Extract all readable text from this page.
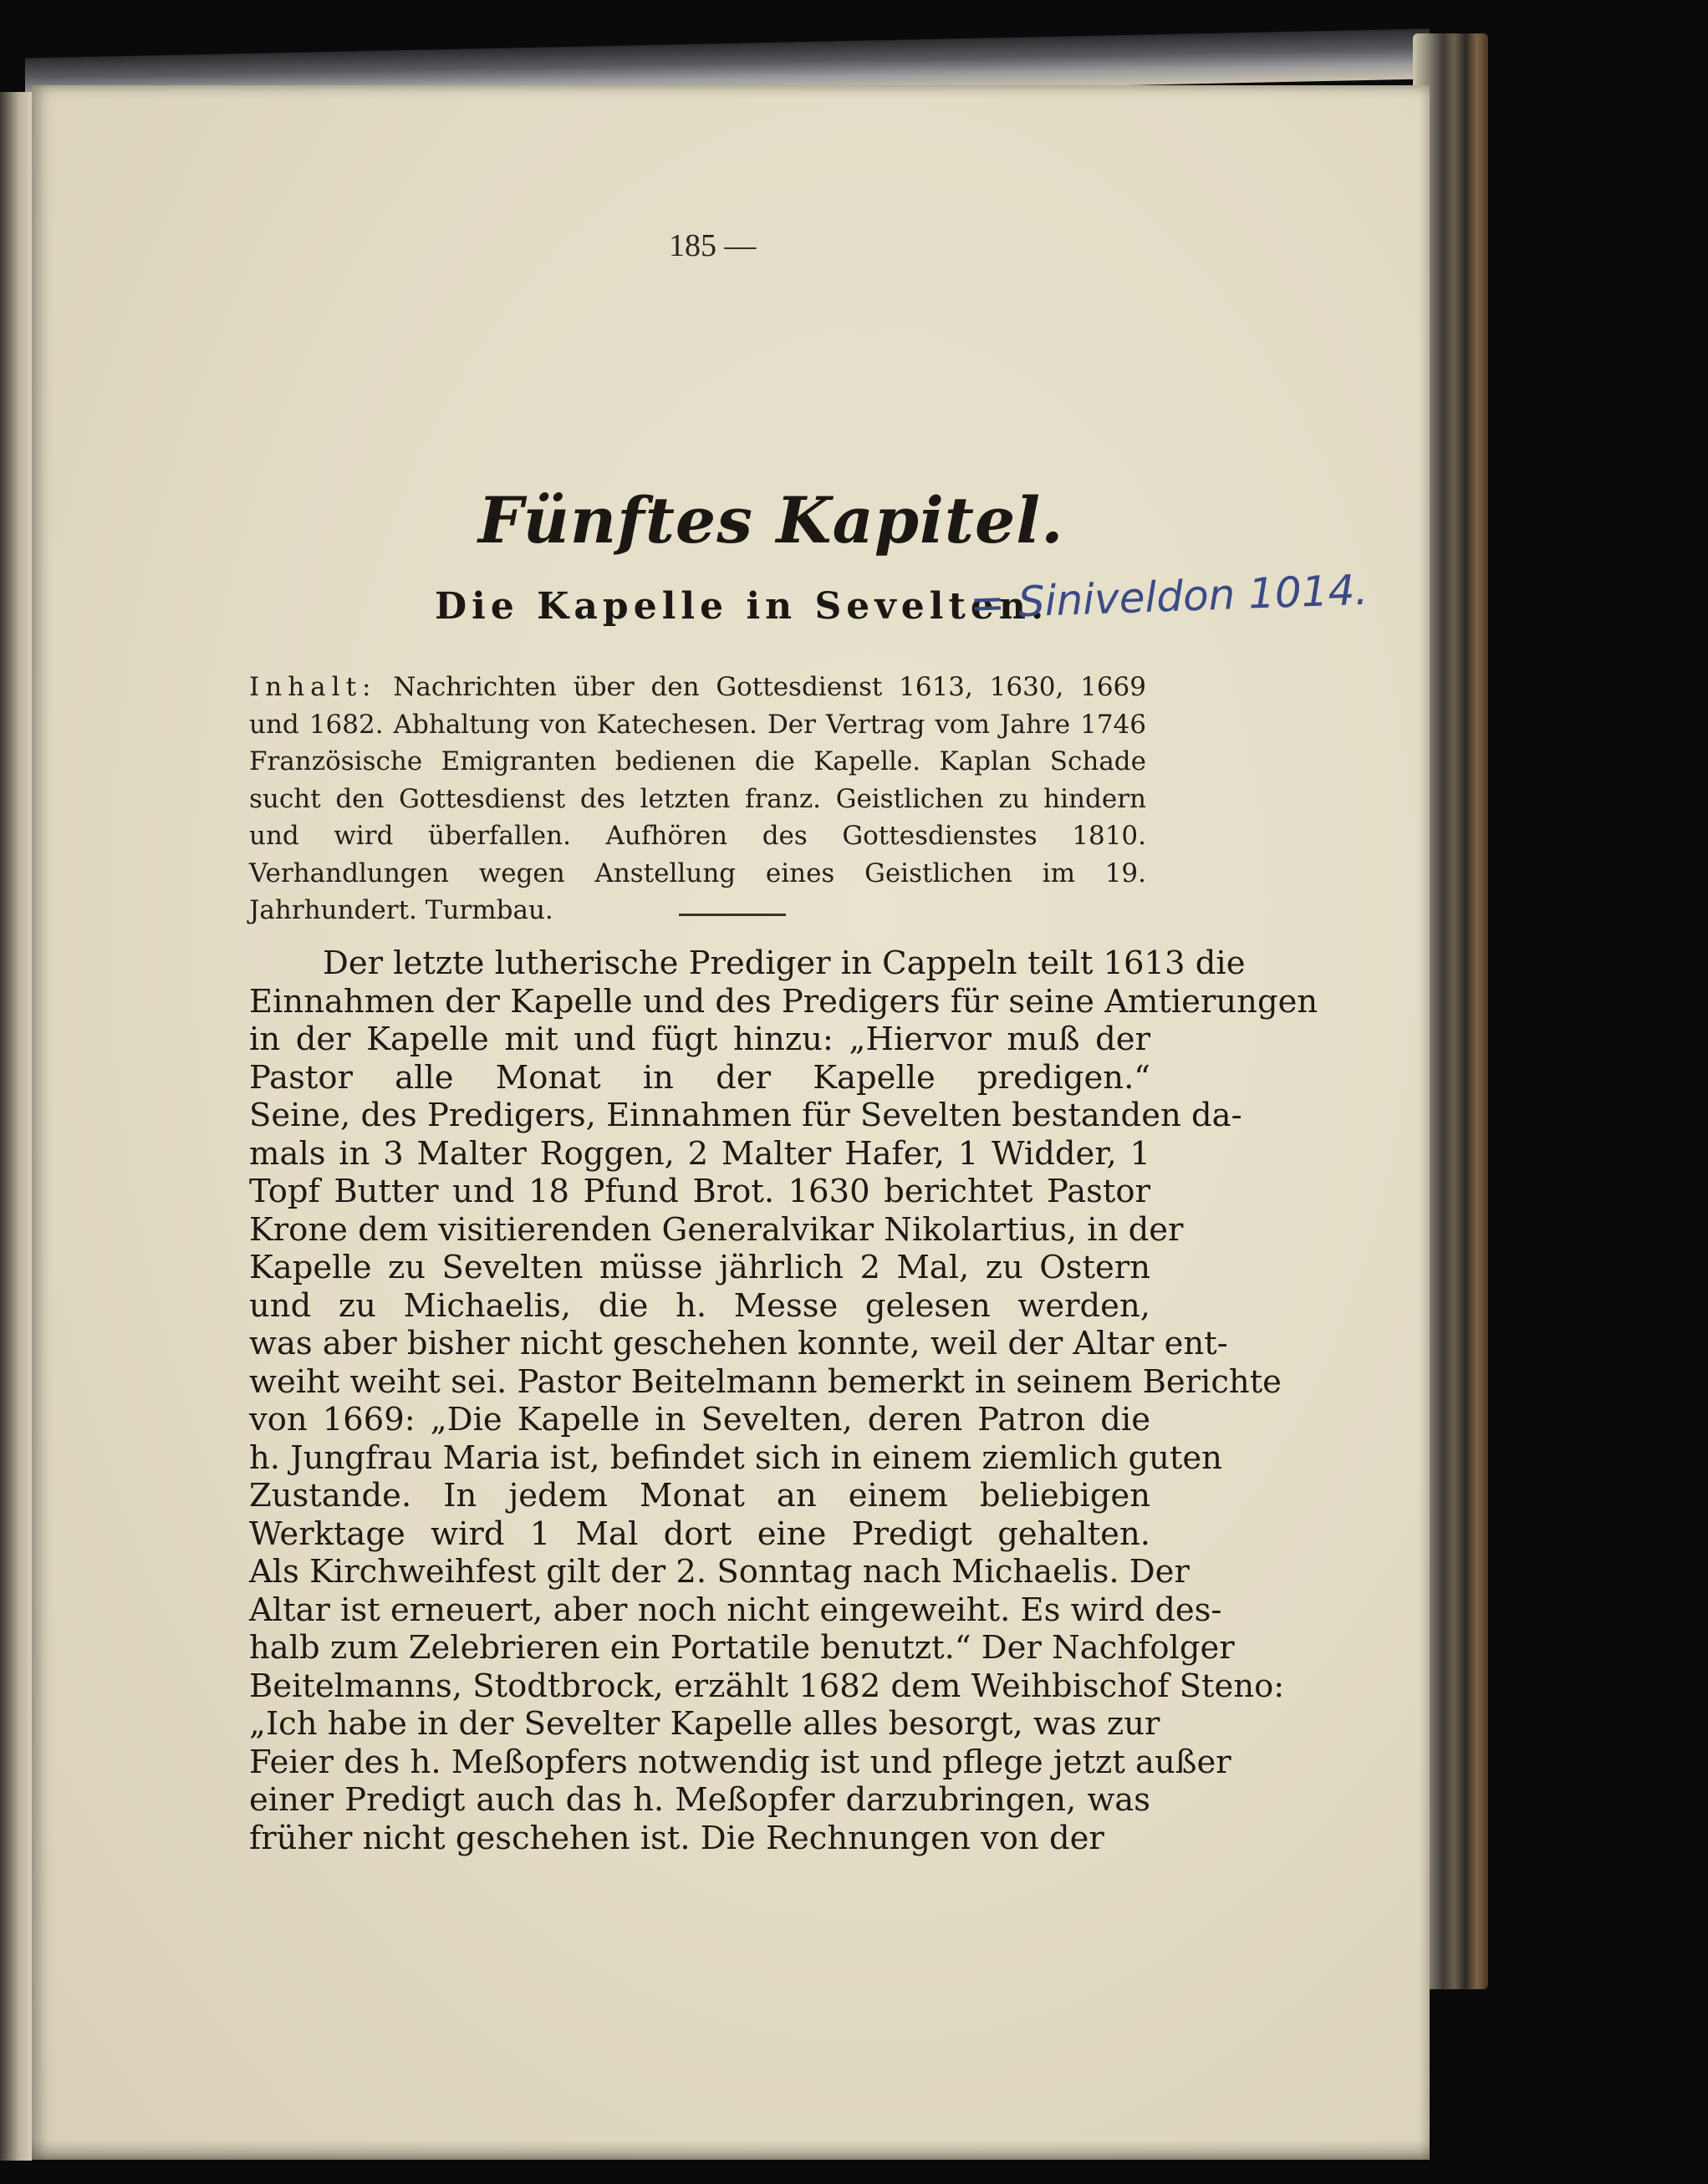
185 —
Fünftes Kapitel.
Die Kapelle in Sevelten.
= Siniveldon 1014.
Inhalt: Nachrichten über den Gottesdienst 1613, 1630, 1669 und 1682. Abhaltung von Katechesen. Der Vertrag vom Jahre 1746 Französische Emigranten bedienen die Kapelle. Kaplan Schade sucht den Gottesdienst des letzten franz. Geistlichen zu hindern und wird überfallen. Aufhören des Gottesdienstes 1810. Verhandlungen wegen Anstellung eines Geistlichen im 19. Jahrhundert. Turmbau.
Der letzte lutherische Prediger in Cappeln teilt 1613 die
Einnahmen der Kapelle und des Predigers für seine Amtierungen
in der Kapelle mit und fügt hinzu: „Hiervor muß der
Pastor alle Monat in der Kapelle predigen.“
Seine, des Predigers, Einnahmen für Sevelten bestanden da-
mals in 3 Malter Roggen, 2 Malter Hafer, 1 Widder, 1
Topf Butter und 18 Pfund Brot. 1630 berichtet Pastor
Krone dem visitierenden Generalvikar Nikolartius, in der
Kapelle zu Sevelten müsse jährlich 2 Mal, zu Ostern
und zu Michaelis, die h. Messe gelesen werden,
was aber bisher nicht geschehen konnte, weil der Altar ent-
weiht weiht sei. Pastor Beitelmann bemerkt in seinem Berichte
von 1669: „Die Kapelle in Sevelten, deren Patron die
h. Jungfrau Maria ist, befindet sich in einem ziemlich guten
Zustande. In jedem Monat an einem beliebigen
Werktage wird 1 Mal dort eine Predigt gehalten.
Als Kirchweihfest gilt der 2. Sonntag nach Michaelis. Der
Altar ist erneuert, aber noch nicht eingeweiht. Es wird des-
halb zum Zelebrieren ein Portatile benutzt.“ Der Nachfolger
Beitelmanns, Stodtbrock, erzählt 1682 dem Weihbischof Steno:
„Ich habe in der Sevelter Kapelle alles besorgt, was zur
Feier des h. Meßopfers notwendig ist und pflege jetzt außer
einer Predigt auch das h. Meßopfer darzubringen, was
früher nicht geschehen ist. Die Rechnungen von der
